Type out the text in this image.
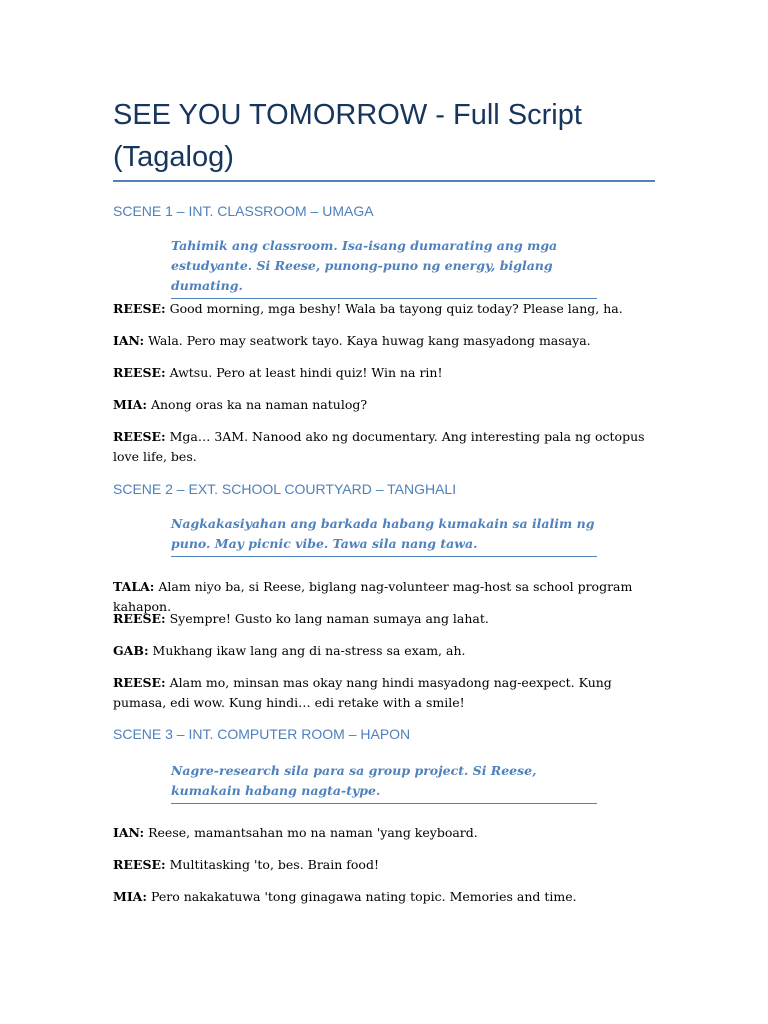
SEE YOU TOMORROW - Full Script (Tagalog)
SCENE 1 – INT. CLASSROOM – UMAGA
Tahimik ang classroom. Isa-isang dumarating ang mga estudyante. Si Reese, punong-puno ng energy, biglang dumating.

REESE: Good morning, mga beshy! Wala ba tayong quiz today? Please lang, ha.

IAN: Wala. Pero may seatwork tayo. Kaya huwag kang masyadong masaya.

REESE: Awtsu. Pero at least hindi quiz! Win na rin!

MIA: Anong oras ka na naman natulog?

REESE: Mga… 3AM. Nanood ako ng documentary. Ang interesting pala ng octopus love life, bes.

SCENE 2 – EXT. SCHOOL COURTYARD – TANGHALI
Nagkakasiyahan ang barkada habang kumakain sa ilalim ng puno. May picnic vibe. Tawa sila nang tawa.

TALA: Alam niyo ba, si Reese, biglang nag-volunteer mag-host sa school program kahapon.

REESE: Syempre! Gusto ko lang naman sumaya ang lahat.

GAB: Mukhang ikaw lang ang di na-stress sa exam, ah.

REESE: Alam mo, minsan mas okay nang hindi masyadong nag-eexpect. Kung pumasa, edi wow. Kung hindi… edi retake with a smile!

SCENE 3 – INT. COMPUTER ROOM – HAPON
Nagre-research sila para sa group project. Si Reese, kumakain habang nagta-type.

IAN: Reese, mamantsahan mo na naman 'yang keyboard.

REESE: Multitasking 'to, bes. Brain food!

MIA: Pero nakakatuwa 'tong ginagawa nating topic. Memories and time.
